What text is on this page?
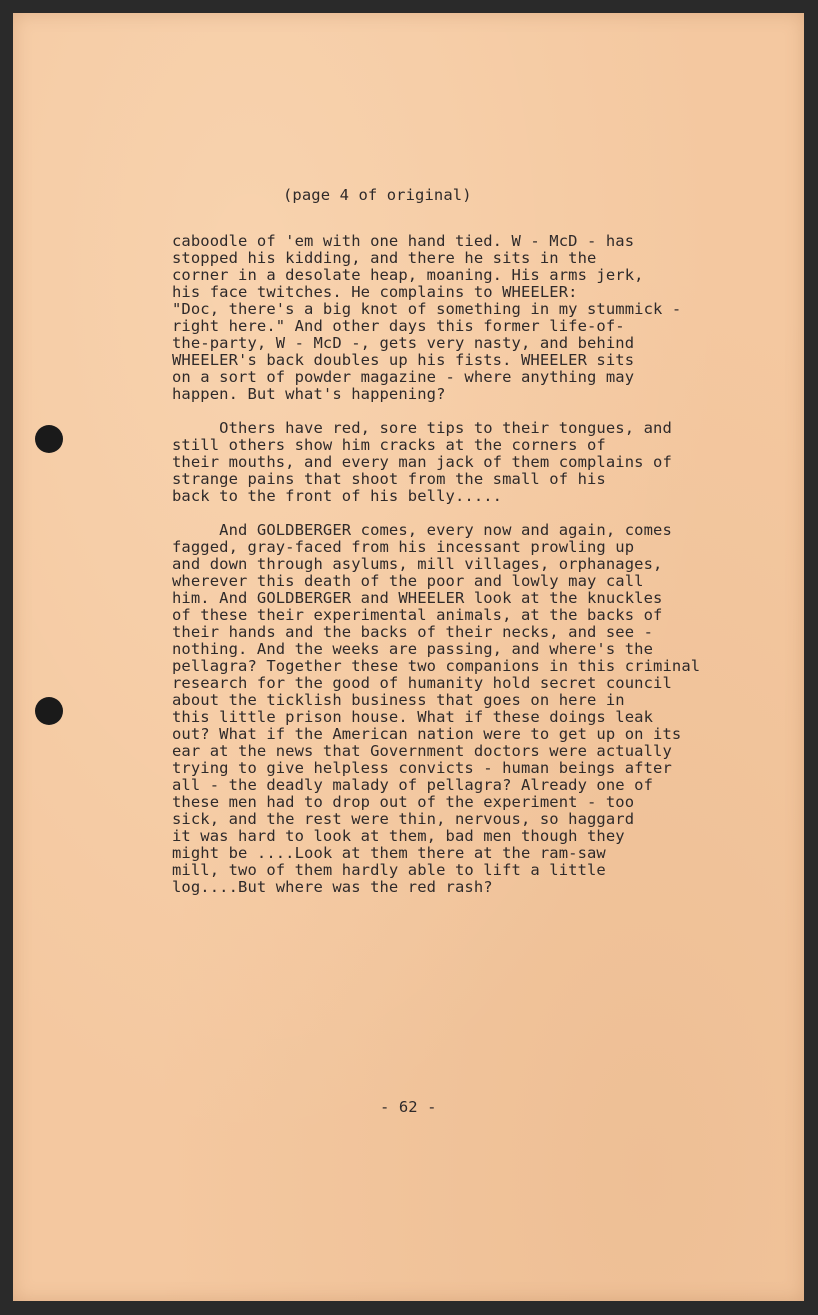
(page 4 of original)
caboodle of 'em with one hand tied. W - McD - has
stopped his kidding, and there he sits in the
corner in a desolate heap, moaning. His arms jerk,
his face twitches. He complains to WHEELER:
"Doc, there's a big knot of something in my stummick -
right here." And other days this former life-of-
the-party, W - McD -, gets very nasty, and behind
WHEELER's back doubles up his fists. WHEELER sits
on a sort of powder magazine - where anything may
happen. But what's happening?
Others have red, sore tips to their tongues, and
still others show him cracks at the corners of
their mouths, and every man jack of them complains of
strange pains that shoot from the small of his
back to the front of his belly.....
And GOLDBERGER comes, every now and again, comes
fagged, gray-faced from his incessant prowling up
and down through asylums, mill villages, orphanages,
wherever this death of the poor and lowly may call
him. And GOLDBERGER and WHEELER look at the knuckles
of these their experimental animals, at the backs of
their hands and the backs of their necks, and see -
nothing. And the weeks are passing, and where's the
pellagra? Together these two companions in this criminal
research for the good of humanity hold secret council
about the ticklish business that goes on here in
this little prison house. What if these doings leak
out? What if the American nation were to get up on its
ear at the news that Government doctors were actually
trying to give helpless convicts - human beings after
all - the deadly malady of pellagra? Already one of
these men had to drop out of the experiment - too
sick, and the rest were thin, nervous, so haggard
it was hard to look at them, bad men though they
might be ....Look at them there at the ram-saw
mill, two of them hardly able to lift a little
log....But where was the red rash?
- 62 -
